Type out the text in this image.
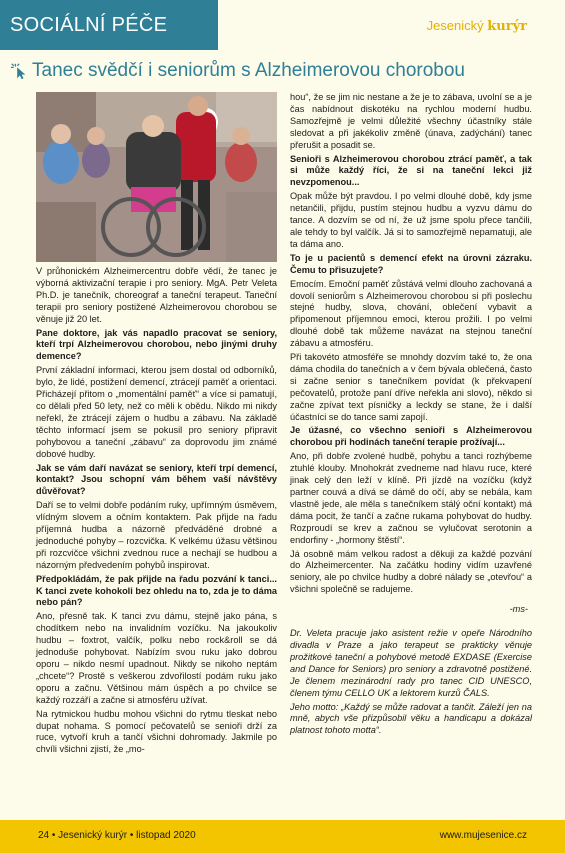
SOCIÁLNÍ PÉČE	Jesenický kurýr
Tanec svědčí i seniorům s Alzheimerovou chorobou

V průhonickém Alzheimercentru dobře vědí, že tanec je výborná aktivizační terapie i pro seniory. MgA. Petr Veleta Ph.D. je tanečník, choreograf a taneční terapeut. Taneční terapii pro seniory postižené Alzheimerovou chorobou se věnuje již 20 let.

Pane doktore, jak vás napadlo pracovat se seniory, kteří trpí Alzheimerovou chorobou, nebo jinými druhy demence?

První základní informaci, kterou jsem dostal od odborníků, bylo, že lidé, postižení demencí, ztrácejí paměť a orientaci. Přicházejí přitom o „momentální paměť“ a více si pamatují, co dělali před 50 lety, než co měli k obědu. Nikdo mi nikdy neřekl, že ztrácejí zájem o hudbu a zábavu. Na základě těchto informací jsem se pokusil pro seniory připravit pohybovou a taneční „zábavu“ za doprovodu jim známé dobové hudby.

Jak se vám daří navázat se seniory, kteří trpí demencí, kontakt? Jsou schopní vám během vaší návštěvy důvěřovat?

Daří se to velmi dobře podáním ruky, upřímným úsměvem, vlídným slovem a očním kontaktem. Pak přijde na řadu příjemná hudba a názorně předváděné drobné a jednoduché pohyby – rozcvička. K velkému úžasu většinou při rozcvičce všichni zvednou ruce a nechají se hudbou a názorným předvedením pohybů inspirovat.

Předpokládám, že pak přijde na řadu pozvání k tanci... K tanci zvete kohokoli bez ohledu na to, zda je to dáma nebo pán?

Ano, přesně tak. K tanci zvu dámu, stejně jako pána, s chodítkem nebo na invalidním vozíčku. Na jakoukoliv hudbu – foxtrot, valčík, polku nebo rock&roll se dá jednoduše pohybovat. Nabízím svou ruku jako dobrou oporu – nikdo nesmí upadnout. Nikdy se nikoho neptám „chcete“? Prostě s veškerou zdvořilostí podám ruku jako oporu a začnu. Většinou mám úspěch a po chvilce se každý rozzáří a začne si atmosféru užívat.

Na rytmickou hudbu mohou všichni do rytmu tleskat nebo dupat nohama. S pomocí pečovatelů se senioři drží za ruce, vytvoří kruh a tančí všichni dohromady. Jakmile po chvíli všichni zjistí, že „mo-

hou“, že se jim nic nestane a že je to zábava, uvolní se a je čas nabídnout diskotéku na rychlou moderní hudbu. Samozřejmě je velmi důležité všechny účastníky stále sledovat a při jakékoliv změně (únava, zadýchání) tanec přerušit a posadit se.

Senioři s Alzheimerovou chorobou ztrácí paměť, a tak si může každý říci, že si na taneční lekci již nevzpomenou...

Opak může být pravdou. I po velmi dlouhé době, kdy jsme netančili, přijdu, pustím stejnou hudbu a vyzvu dámu do tance. A dozvím se od ní, že už jsme spolu přece tančili, ale tehdy to byl valčík. Já si to samozřejmě nepamatuji, ale ta dáma ano.

To je u pacientů s demencí efekt na úrovni zázraku. Čemu to přisuzujete?

Emocím. Emoční paměť zůstává velmi dlouho zachovaná a dovolí seniorům s Alzheimerovou chorobou si při poslechu stejné hudby, slova, chování, oblečení vybavit a připomenout příjemnou emoci, kterou prožili. I po velmi dlouhé době tak můžeme navázat na stejnou taneční zábavu a atmosféru.

Při takovéto atmosféře se mnohdy dozvím také to, že ona dáma chodila do tanečních a v čem bývala oblečená, často si začne senior s tanečníkem povídat (k překvapení pečovatelů, protože paní dříve neřekla ani slovo), někdo si začne zpívat text písničky a leckdy se stane, že i další účastníci se do tance sami zapojí.

Je úžasné, co všechno senioři s Alzheimerovou chorobou při hodinách taneční terapie prožívají...

Ano, při dobře zvolené hudbě, pohybu a tanci rozhýbeme ztuhlé klouby. Mnohokrát zvedneme nad hlavu ruce, které jinak celý den leží v klíně. Při jízdě na vozíčku (když partner couvá a dívá se dámě do očí, aby se nebála, kam vlastně jede, ale měla s tanečníkem stálý oční kontakt) má dáma pocit, že tančí a začne rukama pohybovat do hudby. Rozproudí se krev a začnou se vylučovat serotonin a endorfiny - „hormony štěstí“.

Já osobně mám velkou radost a děkuji za každé pozvání do Alzheimercenter. Na začátku hodiny vidím uzavřené seniory, ale po chvilce hudby a dobré nálady se „otevřou“ a všichni společně se radujeme.

-ms-

Dr. Veleta pracuje jako asistent režie v opeře Národního divadla v Praze a jako terapeut se prakticky věnuje prožitkové taneční a pohybové metodě EXDASE (Exercise and Dance for Seniors) pro seniory a zdravotně postižené. Je členem mezinárodní rady pro tanec CID UNESCO, členem týmu CELLO UK a lektorem kurzů ČALS.

Jeho motto: „Každý se může radovat a tančit. Záleží jen na mně, abych vše přizpůsobil věku a handicapu a dokázal platnost tohoto motta“.

24 • Jesenický kurýr • listopad 2020	www.mujesenice.cz
